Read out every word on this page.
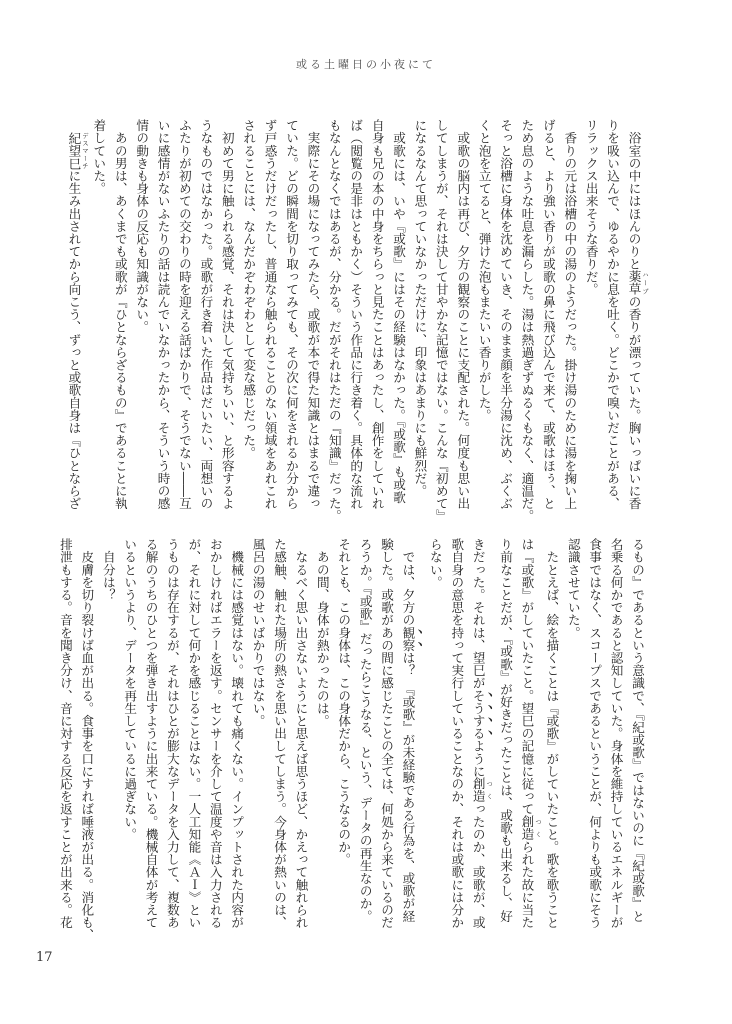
或る土曜日の小夜にて

　浴室の中にはほんのりと薬草 ハーブの香りが漂っていた。胸いっぱいに香

りを吸い込んで、ゆるやかに息を吐く。どこかで嗅いだことがある、

リラックス出来そうな香りだ。

　香りの元は浴槽の中の湯のようだった。掛け湯のために湯を掬い上

げると、より強い香りが或歌の鼻に飛び込んで来て、或歌はほぅ、と

ため息のような吐息を漏らした。湯は熱過ぎずぬるくもなく、適温だ。

そっと浴槽に身体を沈めていき、そのまま顔を半分湯に沈め、ぶくぶ

くと泡を立てると、弾けた泡もまたいい香りがした。

　或歌の脳内は再び、夕方の観察のことに支配された。何度も思い出

してしまうが、それは決して甘やかな記憶ではない。こんな『初めて』

になるなんて思っていなかっただけに、印象はあまりにも鮮烈だ。

　或歌には、いや『或歌』にはその経験はなかった。『或歌』も或歌

自身も兄の本の中身をちらっと見たことはあったし、創作をしていれ

ば（閲覧の是非はともかく）そういう作品に行き着く。具体的な流れ

もなんとなくではあるが、分かる。だがそれはただの『知識』だった。

　実際にその場になってみたら、或歌が本で得た知識とはまるで違っ

ていた。どの瞬間を切り取ってみても、その次に何をされるか分から

ず戸惑うだけだったし、普通なら触られることのない領域をあれこれ

されることには、なんだかぞわぞわとして変な感じだった。

　初めて男に触られる感覚、それは決して気持ちいい、と形容するよ

うなものではなかった。或歌が行き着いた作品はだいたい、両想いの

ふたりが初めての交わりの時を迎える話ばかりで、そうでない――互

いに感情がないふたりの話は読んでいなかったから、そういう時の感

情の動きも身体の反応も知識がない。

　あの男は、あくまでも或歌が『ひとならざるもの』であることに執

着していた。

　紀望巳 デスマーチに生み出されてから向こう、ずっと或歌自身は『ひとならざ

るもの』であるという意識で、『紀或歌』ではないのに『紀或歌』と

名乗る何かであると認知していた。身体を維持しているエネルギーが

食事ではなく、スコープスであるということが、何よりも或歌にそう

認識させていた。

　たとえば、絵を描くことは『或歌』がしていたこと。歌を歌うこと

は『或歌』がしていたこと。望巳の記憶に従って創造 つくられた故に当た

り前なことだが、『或歌』が好きだったことは、或歌も出来るし、好

きだった。それは、望巳がそうするように創造 つくったのか、或歌が、或

歌自身の意思を持って実行していることなのか、それは或歌には分か

らない。

　では、夕方の観察は？　『或歌』が未経験である行為を、或歌が経

験した。或歌があの間に感じたことの全ては、何処から来ているのだ

ろうか。『或歌』だったらこうなる、という、データの再生なのか。

それとも、この身体は、この身体だから、こうなるのか。

　あの間、身体が熱かったのは。

　なるべく思い出さないようにと思えば思うほど、かえって触れられ

た感触、触れた場所の熱さを思い出してしまう。今身体が熱いのは、

風呂の湯のせいばかりではない。

　機械には感覚はない。壊れても痛くない。インプットされた内容が

おかしければエラーを返す。センサーを介して温度や音は入力される

が、それに対して何かを感じることはない。一人工知能《ＡＩ》とい

うものは存在するが、それはひとが膨大なデータを入力して、複数あ

る解のうちのひとつを弾き出すように出来ている。機械自体が考えて

いるというより、データを再生しているに過ぎない。

　自分は？

　皮膚を切り裂けば血が出る。食事を口にすれば唾液が出る。消化も、

排泄もする。音を聞き分け、音に対する反応を返すことが出来る。花

17
